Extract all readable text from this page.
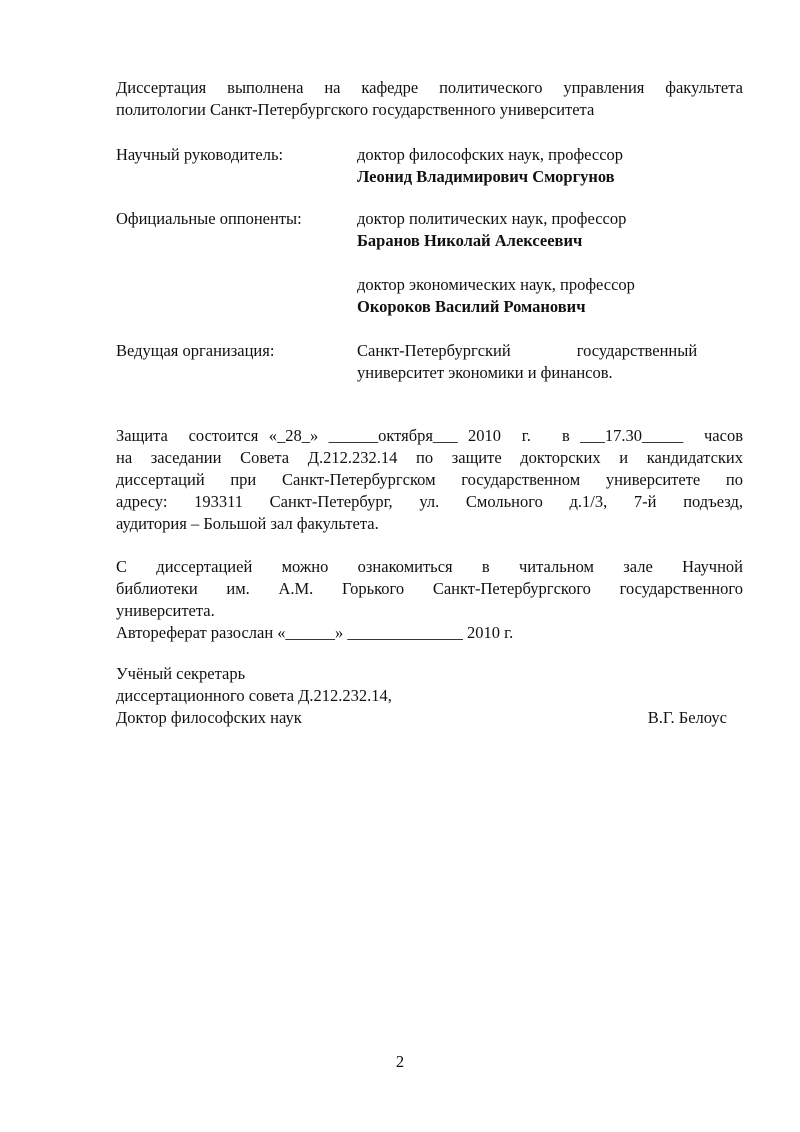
Диссертация выполнена на кафедре политического управления факультета
политологии Санкт-Петербургского государственного университета
Научный руководитель:	доктор философских наук, профессор
Леонид Владимирович Сморгунов
Официальные оппоненты:	доктор политических наук, профессор
Баранов Николай Алексеевич
доктор экономических наук, профессор
Окороков Василий Романович
Ведущая организация:	Санкт-Петербургский                государственный
университет экономики и финансов.
Защита  состоится «_28_» ______октября___ 2010  г.   в ___17.30_____  часов
на заседании Совета Д.212.232.14 по защите докторских и кандидатских
диссертаций при Санкт-Петербургском государственном университете по
адресу: 193311 Санкт-Петербург, ул. Смольного д.1/3, 7-й подъезд,
аудитория – Большой зал факультета.
С диссертацией можно ознакомиться в читальном зале Научной
библиотеки им. А.М. Горького Санкт-Петербургского государственного
университета.
Автореферат разослан «______» ______________ 2010 г.
Учёный секретарь
диссертационного совета Д.212.232.14,
Доктор философских наук	В.Г. Белоус
2
